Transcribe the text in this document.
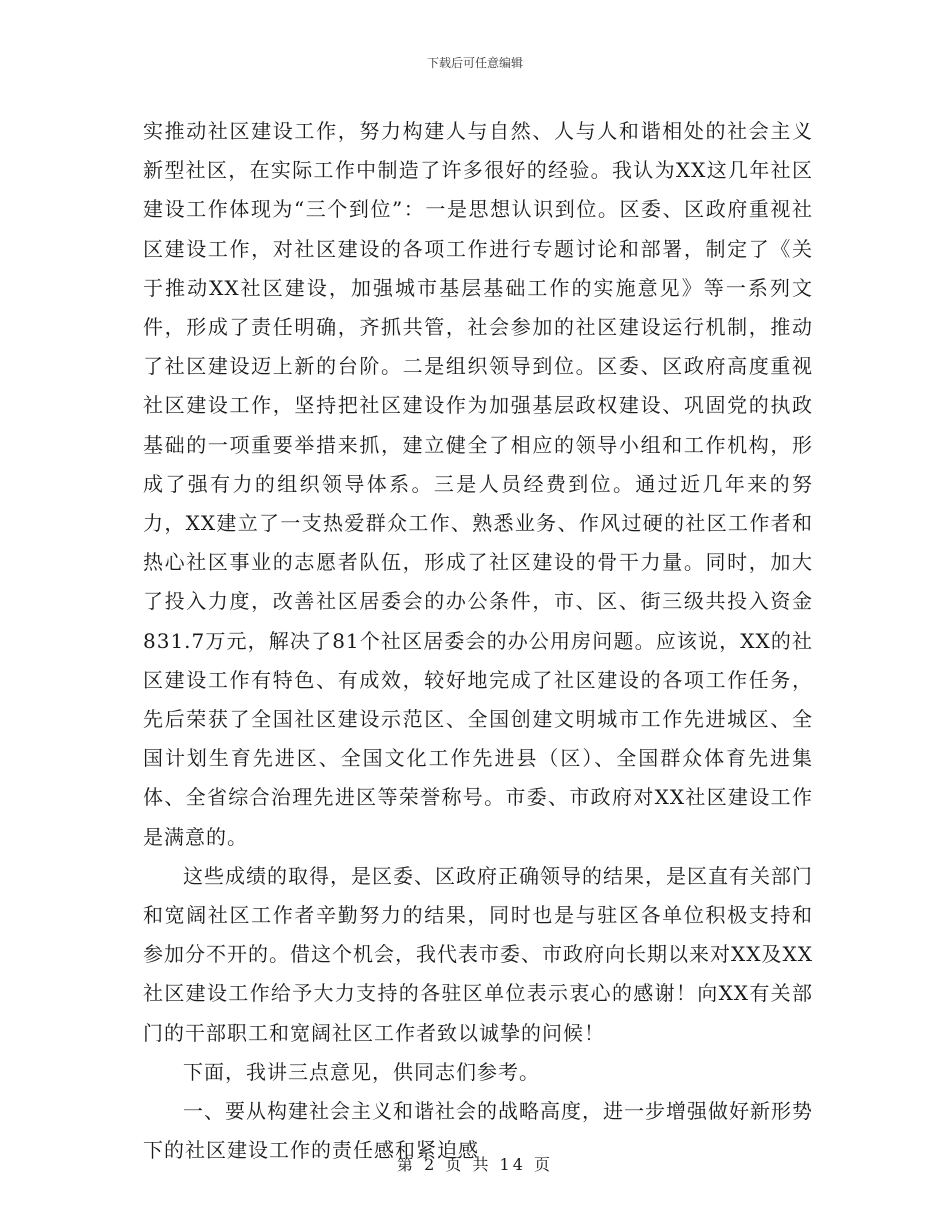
下载后可任意编辑

实推动社区建设工作，努力构建人与自然、人与人和谐相处的社会主义新型社区，在实际工作中制造了许多很好的经验。我认为XX这几年社区建设工作体现为“三个到位”：一是思想认识到位。区委、区政府重视社区建设工作，对社区建设的各项工作进行专题讨论和部署，制定了《关于推动XX社区建设，加强城市基层基础工作的实施意见》等一系列文件，形成了责任明确，齐抓共管，社会参加的社区建设运行机制，推动了社区建设迈上新的台阶。二是组织领导到位。区委、区政府高度重视社区建设工作，坚持把社区建设作为加强基层政权建设、巩固党的执政基础的一项重要举措来抓，建立健全了相应的领导小组和工作机构，形成了强有力的组织领导体系。三是人员经费到位。通过近几年来的努力，XX建立了一支热爱群众工作、熟悉业务、作风过硬的社区工作者和热心社区事业的志愿者队伍，形成了社区建设的骨干力量。同时，加大了投入力度，改善社区居委会的办公条件，市、区、街三级共投入资金831.7万元，解决了81个社区居委会的办公用房问题。应该说，XX的社区建设工作有特色、有成效，较好地完成了社区建设的各项工作任务，先后荣获了全国社区建设示范区、全国创建文明城市工作先进城区、全国计划生育先进区、全国文化工作先进县（区）、全国群众体育先进集体、全省综合治理先进区等荣誉称号。市委、市政府对XX社区建设工作是满意的。

这些成绩的取得，是区委、区政府正确领导的结果，是区直有关部门和宽阔社区工作者辛勤努力的结果，同时也是与驻区各单位积极支持和参加分不开的。借这个机会，我代表市委、市政府向长期以来对XX及XX社区建设工作给予大力支持的各驻区单位表示衷心的感谢！向XX有关部门的干部职工和宽阔社区工作者致以诚挚的问候！

下面，我讲三点意见，供同志们参考。

一、要从构建社会主义和谐社会的战略高度，进一步增强做好新形势下的社区建设工作的责任感和紧迫感

第 2 页 共 14 页
